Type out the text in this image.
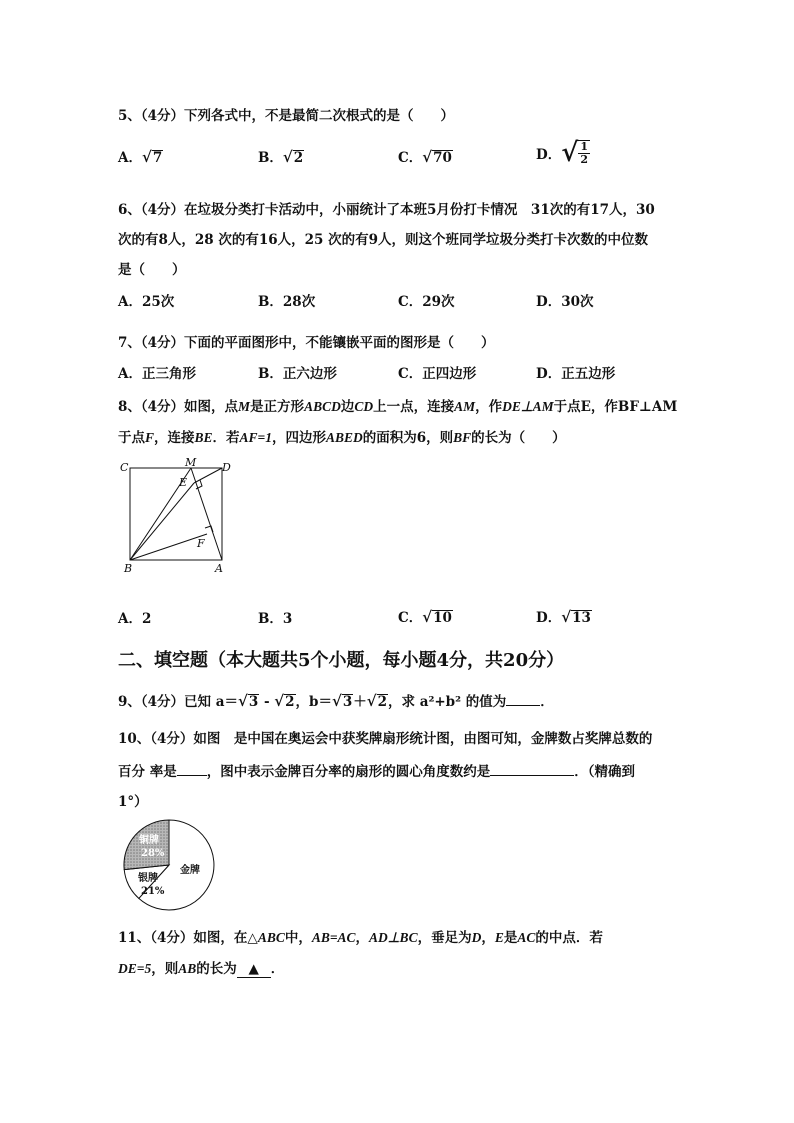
5、（4分）下列各式中，不是最简二次根式的是（　　）
A．√7	B．√2	C．√70	D．√ $\frac{1}{2}$
6、（4分）在垃圾分类打卡活动中，小丽统计了本班5月份打卡情况　31次的有17人，30
次的有8人，28 次的有16人，25 次的有9人，则这个班同学垃圾分类打卡次数的中位数
是（　　）
A．25次	B．28次	C．29次	D．30次
7、（4分）下面的平面图形中，不能镶嵌平面的图形是（　　）
A．正三角形	B．正六边形	C．正四边形	D．正五边形
8、（4分）如图，点M是正方形ABCD边CD上一点，连接AM，作DE⊥AM于点E，作BF⊥AM
于点F，连接BE．若AF=1，四边形ABED的面积为6，则BF的长为（　　）
C	M D
E
F
B	A
A．2	B．3	C．√10	D．√13
二、填空题（本大题共5个小题，每小题4分，共20分）
9、（4分）已知 a＝√3 - √2，b＝√3＋√2，求 a²+b² 的值为	．
10、（4分）如图　是中国在奥运会中获奖牌扇形统计图，由图可知，金牌数占奖牌总数的
百分 率是 ，图中表示金牌百分率的扇形的圆心角度数约是	．（精确到
1°）
铜牌
28%
金牌
银牌
21%
11、（4分）如图，在△ABC中，AB=AC，AD⊥BC，垂足为D，E是AC的中点．若
DE=5，则AB的长为 ▲ ．
